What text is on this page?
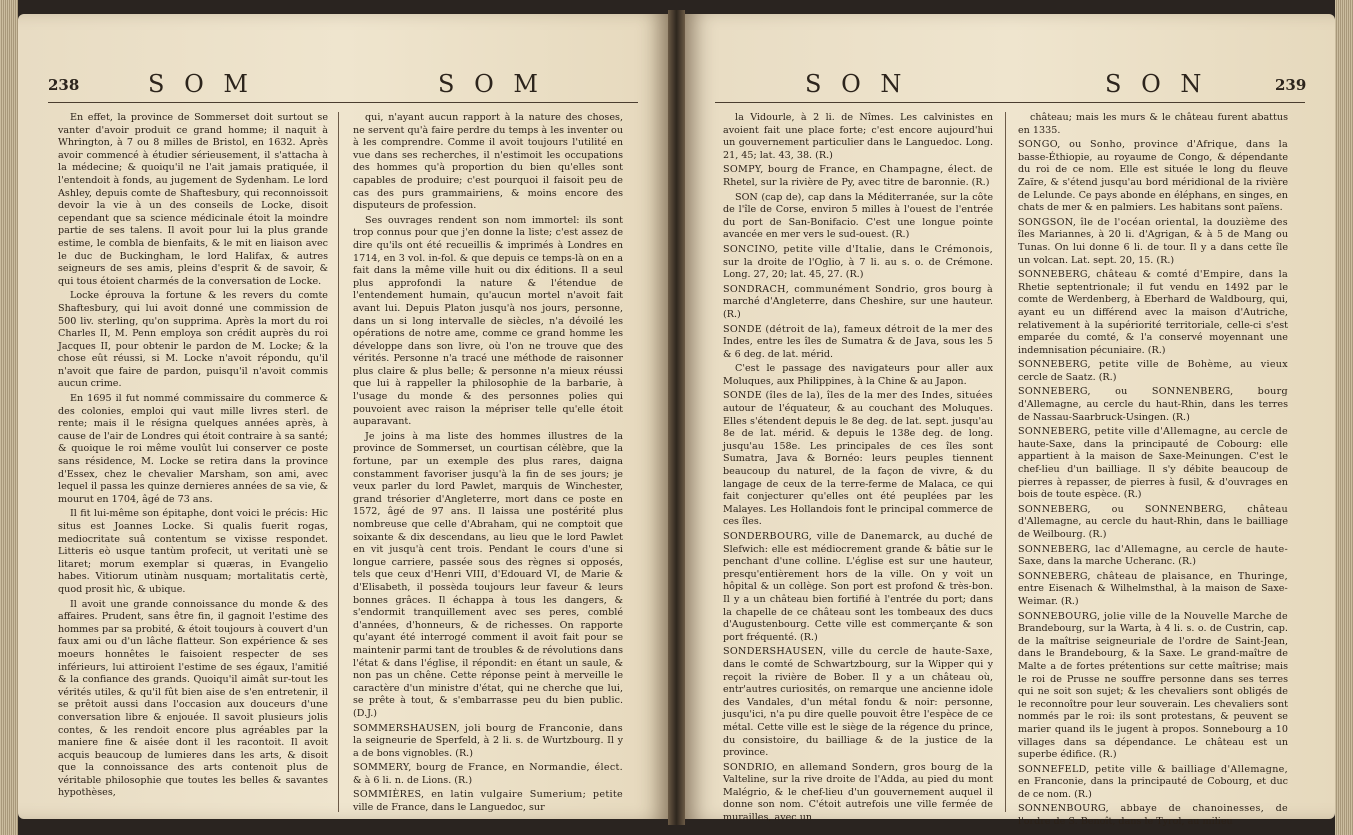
238	S O M	S O M

En effet, la province de Sommerset doit surtout se vanter d'avoir produit ce grand homme; il naquit à Whrington, à 7 ou 8 milles de Bristol, en 1632. Après avoir commencé à étudier sérieusement, il s'attacha à la médecine; & quoiqu'il ne l'ait jamais pratiquée, il l'entendoit à fonds, au jugement de Sydenham. Le lord Ashley, depuis comte de Shaftesbury, qui reconnoissoit devoir la vie à un des conseils de Locke, disoit cependant que sa science médicinale étoit la moindre partie de ses talens. Il avoit pour lui la plus grande estime, le combla de bienfaits, & le mit en liaison avec le duc de Buckingham, le lord Halifax, & autres seigneurs de ses amis, pleins d'esprit & de savoir, & qui tous étoient charmés de la conversation de Locke.

Locke éprouva la fortune & les revers du comte Shaftesbury, qui lui avoit donné une commission de 500 liv. sterling, qu'on supprima. Après la mort du roi Charles II, M. Penn employa son crédit auprès du roi Jacques II, pour obtenir le pardon de M. Locke; & la chose eût réussi, si M. Locke n'avoit répondu, qu'il n'avoit que faire de pardon, puisqu'il n'avoit commis aucun crime.

En 1695 il fut nommé commissaire du commerce & des colonies, emploi qui vaut mille livres sterl. de rente; mais il le résigna quelques années après, à cause de l'air de Londres qui étoit contraire à sa santé; & quoique le roi même voulût lui conserver ce poste sans résidence, M. Locke se retira dans la province d'Essex, chez le chevalier Marsham, son ami, avec lequel il passa les quinze dernieres années de sa vie, & mourut en 1704, âgé de 73 ans.

Il fit lui-même son épitaphe, dont voici le précis: Hic situs est Joannes Locke. Si qualis fuerit rogas, mediocritate suâ contentum se vixisse respondet. Litteris eò usque tantùm profecit, ut veritati unè se litaret; morum exemplar si quæras, in Evangelio habes. Vitiorum utinàm nusquam; mortalitatis certè, quod prosit hìc, & ubique.

Il avoit une grande connoissance du monde & des affaires. Prudent, sans être fin, il gagnoit l'estime des hommes par sa probité, & étoit toujours à couvert d'un faux ami ou d'un lâche flatteur. Son expérience & ses moeurs honnêtes le faisoient respecter de ses inférieurs, lui attiroient l'estime de ses égaux, l'amitié & la confiance des grands. Quoiqu'il aimât sur-tout les vérités utiles, & qu'il fût bien aise de s'en entretenir, il se prêtoit aussi dans l'occasion aux douceurs d'une conversation libre & enjouée. Il savoit plusieurs jolis contes, & les rendoit encore plus agréables par la maniere fine & aisée dont il les racontoit. Il avoit acquis beaucoup de lumieres dans les arts, & disoit que la connoissance des arts contenoit plus de véritable philosophie que toutes les belles & savantes hypothèses,

qui, n'ayant aucun rapport à la nature des choses, ne servent qu'à faire perdre du temps à les inventer ou à les comprendre. Comme il avoit toujours l'utilité en vue dans ses recherches, il n'estimoit les occupations des hommes qu'à proportion du bien qu'elles sont capables de produire; c'est pourquoi il faisoit peu de cas des purs grammairiens, & moins encore des disputeurs de profession.

Ses ouvrages rendent son nom immortel: ils sont trop connus pour que j'en donne la liste; c'est assez de dire qu'ils ont été recueillis & imprimés à Londres en 1714, en 3 vol. in-fol. & que depuis ce temps-là on en a fait dans la même ville huit ou dix éditions. Il a seul plus approfondi la nature & l'étendue de l'entendement humain, qu'aucun mortel n'avoit fait avant lui. Depuis Platon jusqu'à nos jours, personne, dans un si long intervalle de siècles, n'a dévoilé les opérations de notre ame, comme ce grand homme les développe dans son livre, où l'on ne trouve que des vérités. Personne n'a tracé une méthode de raisonner plus claire & plus belle; & personne n'a mieux réussi que lui à rappeller la philosophie de la barbarie, à l'usage du monde & des personnes polies qui pouvoient avec raison la mépriser telle qu'elle étoit auparavant.

Je joins à ma liste des hommes illustres de la province de Sommerset, un courtisan célèbre, que la fortune, par un exemple des plus rares, daigna constamment favoriser jusqu'à la fin de ses jours; je veux parler du lord Pawlet, marquis de Winchester, grand trésorier d'Angleterre, mort dans ce poste en 1572, âgé de 97 ans. Il laissa une postérité plus nombreuse que celle d'Abraham, qui ne comptoit que soixante & dix descendans, au lieu que le lord Pawlet en vit jusqu'à cent trois. Pendant le cours d'une si longue carriere, passée sous des règnes si opposés, tels que ceux d'Henri VIII, d'Edouard VI, de Marie & d'Elisabeth, il possèda toujours leur faveur & leurs bonnes grâces. Il échappa à tous les dangers, & s'endormit tranquillement avec ses peres, comblé d'années, d'honneurs, & de richesses. On rapporte qu'ayant été interrogé comment il avoit fait pour se maintenir parmi tant de troubles & de révolutions dans l'état & dans l'église, il répondit: en étant un saule, & non pas un chêne. Cette réponse peint à merveille le caractère d'un ministre d'état, qui ne cherche que lui, se prête à tout, & s'embarrasse peu du bien public. (D.J.)

SOMMERSHAUSEN, joli bourg de Franconie, dans la seigneurie de Sperfeld, à 2 li. s. de Wurtzbourg. Il y a de bons vignobles. (R.)

SOMMERY, bourg de France, en Normandie, élect. & à 6 li. n. de Lions. (R.)

SOMMIÈRES, en latin vulgaire Sumerium; petite ville de France, dans le Languedoc, sur

S O N	S O N	239

la Vidourle, à 2 li. de Nîmes. Les calvinistes en avoient fait une place forte; c'est encore aujourd'hui un gouvernement particulier dans le Languedoc. Long. 21, 45; lat. 43, 38. (R.)

SOMPY, bourg de France, en Champagne, élect. de Rhetel, sur la rivière de Py, avec titre de baronnie. (R.)

SON (cap de), cap dans la Méditerranée, sur la côte de l'île de Corse, environ 5 milles à l'ouest de l'entrée du port de San-Bonifacio. C'est une longue pointe avancée en mer vers le sud-ouest. (R.)

SONCINO, petite ville d'Italie, dans le Crémonois, sur la droite de l'Oglio, à 7 li. au s. o. de Crémone. Long. 27, 20; lat. 45, 27. (R.)

SONDRACH, communément Sondrio, gros bourg à marché d'Angleterre, dans Cheshire, sur une hauteur. (R.)

SONDE (détroit de la), fameux détroit de la mer des Indes, entre les îles de Sumatra & de Java, sous les 5 & 6 deg. de lat. mérid.

C'est le passage des navigateurs pour aller aux Moluques, aux Philippines, à la Chine & au Japon.

SONDE (îles de la), îles de la mer des Indes, situées autour de l'équateur, & au couchant des Moluques. Elles s'étendent depuis le 8e deg. de lat. sept. jusqu'au 8e de lat. mérid. & depuis le 138e deg. de long. jusqu'au 158e. Les principales de ces îles sont Sumatra, Java & Bornéo: leurs peuples tiennent beaucoup du naturel, de la façon de vivre, & du langage de ceux de la terre-ferme de Malaca, ce qui fait conjecturer qu'elles ont été peuplées par les Malayes. Les Hollandois font le principal commerce de ces îles.

SONDERBOURG, ville de Danemarck, au duché de Slefwich: elle est médiocrement grande & bâtie sur le penchant d'une colline. L'église est sur une hauteur, presqu'entièrement hors de la ville. On y voit un hôpital & un collège. Son port est profond & très-bon. Il y a un château bien fortifié à l'entrée du port; dans la chapelle de ce château sont les tombeaux des ducs d'Augustenbourg. Cette ville est commerçante & son port fréquenté. (R.)

SONDERSHAUSEN, ville du cercle de haute-Saxe, dans le comté de Schwartzbourg, sur la Wipper qui y reçoit la rivière de Bober. Il y a un château où, entr'autres curiosités, on remarque une ancienne idole des Vandales, d'un métal fondu & noir: personne, jusqu'ici, n'a pu dire quelle pouvoit être l'espèce de ce métal. Cette ville est le siège de la régence du prince, du consistoire, du bailliage & de la justice de la province.

SONDRIO, en allemand Sondern, gros bourg de la Valteline, sur la rive droite de l'Adda, au pied du mont Malégrio, & le chef-lieu d'un gouvernement auquel il donne son nom. C'étoit autrefois une ville fermée de murailles, avec un

château; mais les murs & le château furent abattus en 1335.

SONGO, ou Sonho, province d'Afrique, dans la basse-Éthiopie, au royaume de Congo, & dépendante du roi de ce nom. Elle est située le long du fleuve Zaïre, & s'étend jusqu'au bord méridional de la rivière de Lelunde. Ce pays abonde en éléphans, en singes, en chats de mer & en palmiers. Les habitans sont païens.

SONGSON, île de l'océan oriental, la douzième des îles Mariannes, à 20 li. d'Agrigan, & à 5 de Mang ou Tunas. On lui donne 6 li. de tour. Il y a dans cette île un volcan. Lat. sept. 20, 15. (R.)

SONNEBERG, château & comté d'Empire, dans la Rhetie septentrionale; il fut vendu en 1492 par le comte de Werdenberg, à Eberhard de Waldbourg, qui, ayant eu un différend avec la maison d'Autriche, relativement à la supériorité territoriale, celle-ci s'est emparée du comté, & l'a conservé moyennant une indemnisation pécuniaire. (R.)

SONNEBERG, petite ville de Bohème, au vieux cercle de Saatz. (R.)

SONNEBERG, ou SONNENBERG, bourg d'Allemagne, au cercle du haut-Rhin, dans les terres de Nassau-Saarbruck-Usingen. (R.)

SONNEBERG, petite ville d'Allemagne, au cercle de haute-Saxe, dans la principauté de Cobourg: elle appartient à la maison de Saxe-Meinungen. C'est le chef-lieu d'un bailliage. Il s'y débite beaucoup de pierres à repasser, de pierres à fusil, & d'ouvrages en bois de toute espèce. (R.)

SONNEBERG, ou SONNENBERG, château d'Allemagne, au cercle du haut-Rhin, dans le bailliage de Weilbourg. (R.)

SONNEBERG, lac d'Allemagne, au cercle de haute-Saxe, dans la marche Ucheranc. (R.)

SONNEBERG, château de plaisance, en Thuringe, entre Eisenach & Wilhelmsthal, à la maison de Saxe-Weimar. (R.)

SONNEBOURG, jolie ville de la Nouvelle Marche de Brandebourg, sur la Warta, à 4 li. s. o. de Custrin, cap. de la maîtrise seigneuriale de l'ordre de Saint-Jean, dans le Brandebourg, & la Saxe. Le grand-maître de Malte a de fortes prétentions sur cette maîtrise; mais le roi de Prusse ne souffre personne dans ses terres qui ne soit son sujet; & les chevaliers sont obligés de le reconnoître pour leur souverain. Les chevaliers sont nommés par le roi: ils sont protestans, & peuvent se marier quand ils le jugent à propos. Sonnebourg a 10 villages dans sa dépendance. Le château est un superbe édifice. (R.)

SONNEFELD, petite ville & bailliage d'Allemagne, en Franconie, dans la principauté de Cobourg, et duc de ce nom. (R.)

SONNENBOURG, abbaye de chanoinesses, de l'ordre de S. Benoît, dans le Tyrol, au milieu
